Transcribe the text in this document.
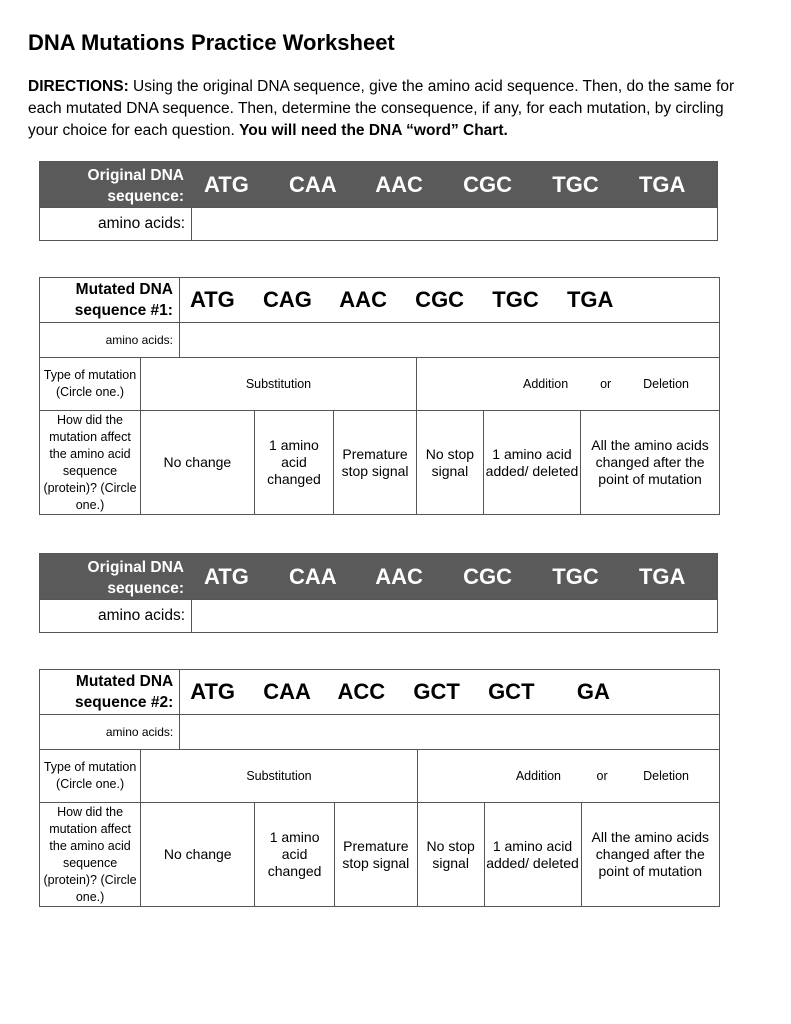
DNA Mutations Practice Worksheet

DIRECTIONS: Using the original DNA sequence, give the amino acid sequence. Then, do the same for each mutated DNA sequence. Then, determine the consequence, if any, for each mutation, by circling your choice for each question. You will need the DNA “word” Chart.

Original DNA sequence: ATG  CAA  AAC  CGC  TGC  TGA
amino acids:
Mutated DNA sequence #1:		ATG  CAG  AAC  CGC  TGC  TGA					
amino acids:							
Type of mutation (Circle one.)	Substitution				Addition or Deletion		

How did the mutation affect the amino acid sequence (protein)? (Circle one.)	No change		1 amino acid changed	Premature stop signal	No stop signal	1 amino acid added/ deleted	All the amino acids changed after the point of mutation
Original DNA sequence: ATG  CAA  AAC  CGC  TGC  TGA
amino acids:
Mutated DNA sequence #2:		ATG  CAA  ACC  GCT  GCT   GA					
amino acids:							
Type of mutation (Circle one.)	Substitution				Addition or Deletion		

How did the mutation affect the amino acid sequence (protein)? (Circle one.)	No change		1 amino acid changed	Premature stop signal	No stop signal	1 amino acid added/ deleted	All the amino acids changed after the point of mutation
